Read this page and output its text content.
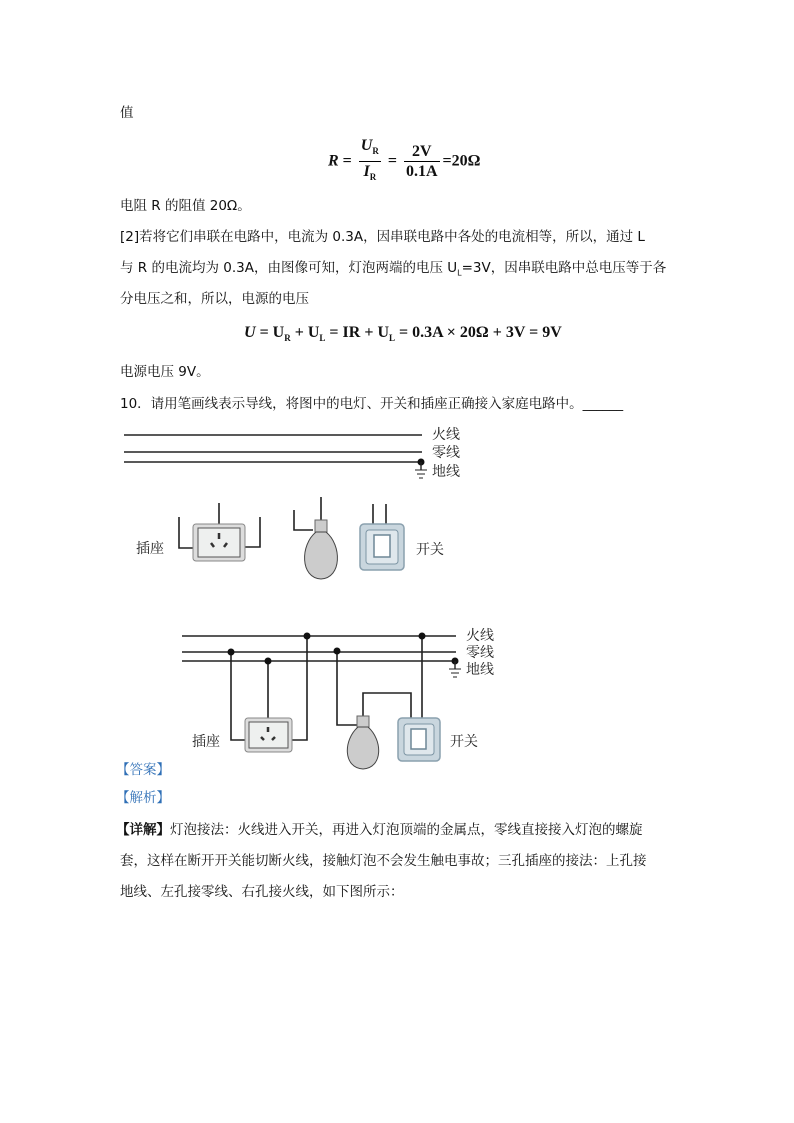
值
$R = \frac{U_R}{I_R} = \frac{2V}{0.1A} =20\Omega$
电阻 R 的阻值 20Ω。
[2]若将它们串联在电路中，电流为 0.3A，因串联电路中各处的电流相等，所以，通过 L
与 R 的电流均为 0.3A，由图像可知，灯泡两端的电压 $U_L=3V$，因串联电路中总电压等于各
分电压之和，所以，电源的电压
$U = U_R + U_L$ = IR + $U_L = 0.3A \times 20\Omega + 3V = 9V$
电源电压 9V。
10．请用笔画线表示导线，将图中的电灯、开关和插座正确接入家庭电路中。______
火线
零线
地线
插座	开关
火线
零线
地线
插座	开关
【答案】
【解析】
【详解】灯泡接法：火线进入开关，再进入灯泡顶端的金属点，零线直接接入灯泡的螺旋
套，这样在断开开关能切断火线，接触灯泡不会发生触电事故；三孔插座的接法：上孔接
地线、左孔接零线、右孔接火线，如下图所示：
